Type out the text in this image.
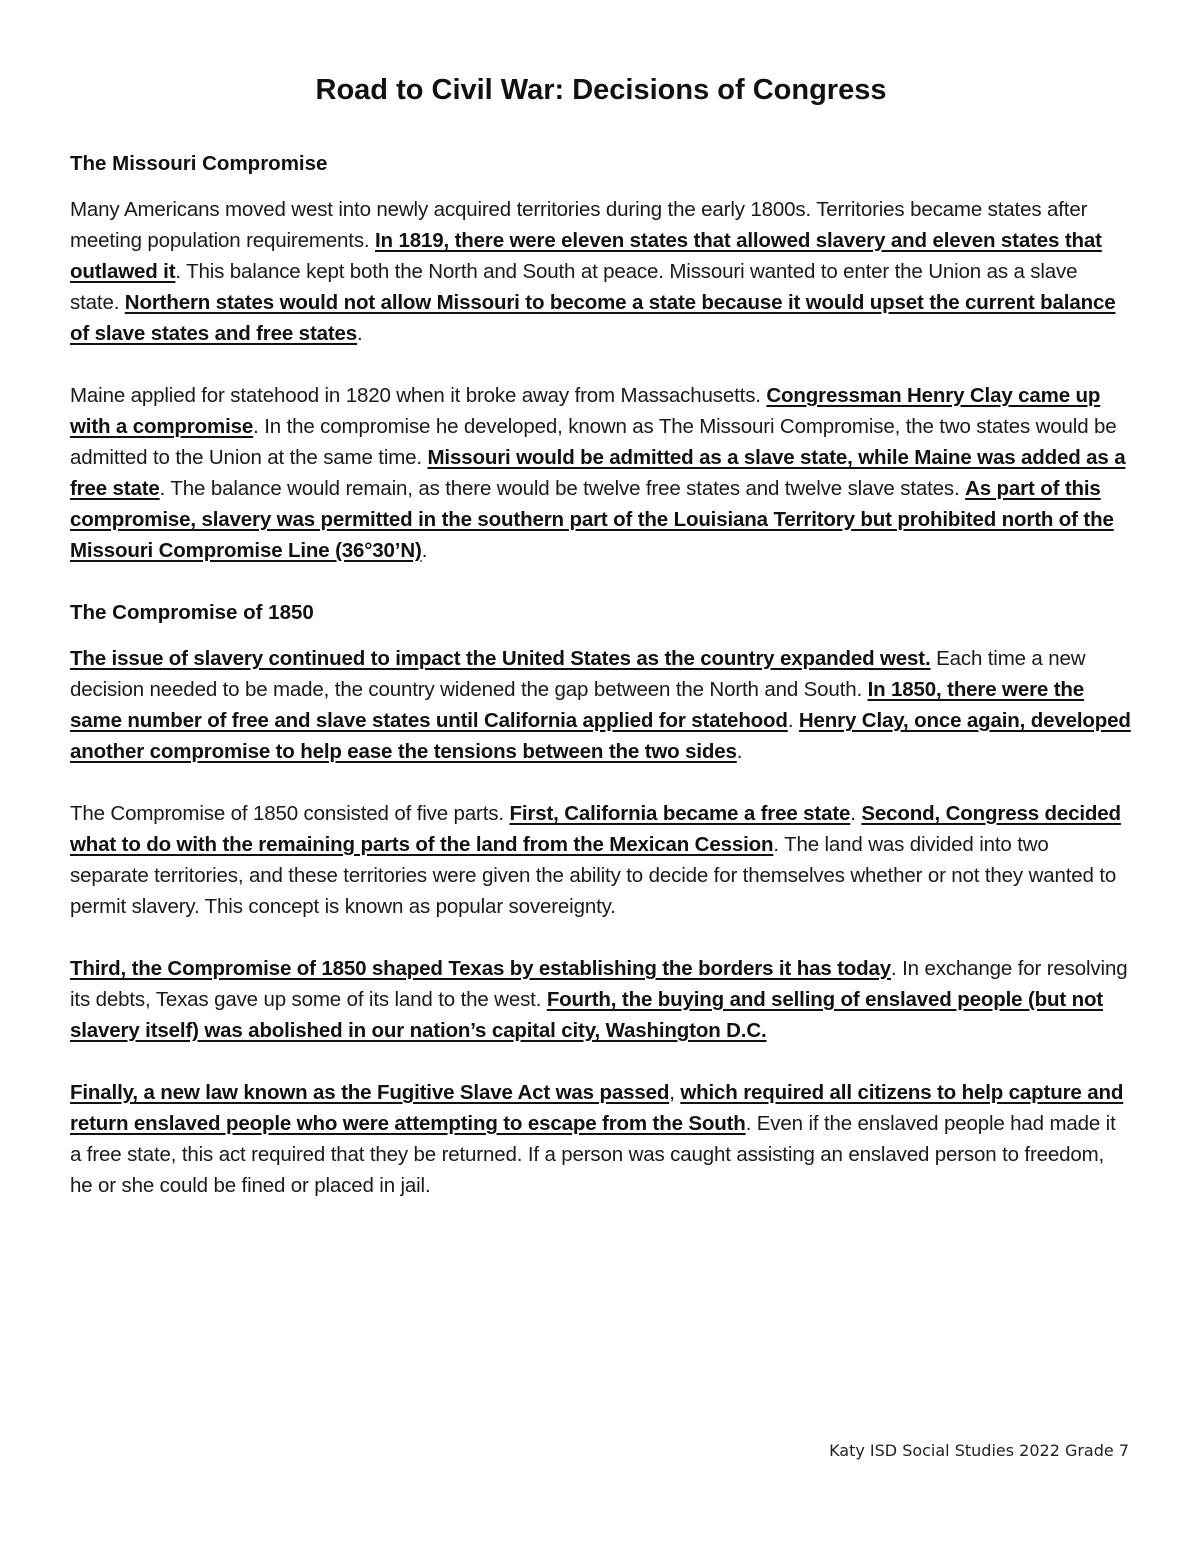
Road to Civil War: Decisions of Congress
The Missouri Compromise

Many Americans moved west into newly acquired territories during the early 1800s. Territories became states after meeting population requirements. In 1819, there were eleven states that allowed slavery and eleven states that outlawed it. This balance kept both the North and South at peace. Missouri wanted to enter the Union as a slave state. Northern states would not allow Missouri to become a state because it would upset the current balance of slave states and free states.

Maine applied for statehood in 1820 when it broke away from Massachusetts. Congressman Henry Clay came up with a compromise. In the compromise he developed, known as The Missouri Compromise, the two states would be admitted to the Union at the same time. Missouri would be admitted as a slave state, while Maine was added as a free state. The balance would remain, as there would be twelve free states and twelve slave states. As part of this compromise, slavery was permitted in the southern part of the Louisiana Territory but prohibited north of the Missouri Compromise Line (36°30’N).

The Compromise of 1850

The issue of slavery continued to impact the United States as the country expanded west. Each time a new decision needed to be made, the country widened the gap between the North and South. In 1850, there were the same number of free and slave states until California applied for statehood. Henry Clay, once again, developed another compromise to help ease the tensions between the two sides.

The Compromise of 1850 consisted of five parts. First, California became a free state. Second, Congress decided what to do with the remaining parts of the land from the Mexican Cession. The land was divided into two separate territories, and these territories were given the ability to decide for themselves whether or not they wanted to permit slavery. This concept is known as popular sovereignty.

Third, the Compromise of 1850 shaped Texas by establishing the borders it has today. In exchange for resolving its debts, Texas gave up some of its land to the west. Fourth, the buying and selling of enslaved people (but not slavery itself) was abolished in our nation’s capital city, Washington D.C.

Finally, a new law known as the Fugitive Slave Act was passed, which required all citizens to help capture and return enslaved people who were attempting to escape from the South. Even if the enslaved people had made it a free state, this act required that they be returned. If a person was caught assisting an enslaved person to freedom, he or she could be fined or placed in jail.

Katy ISD Social Studies 2022 Grade 7
